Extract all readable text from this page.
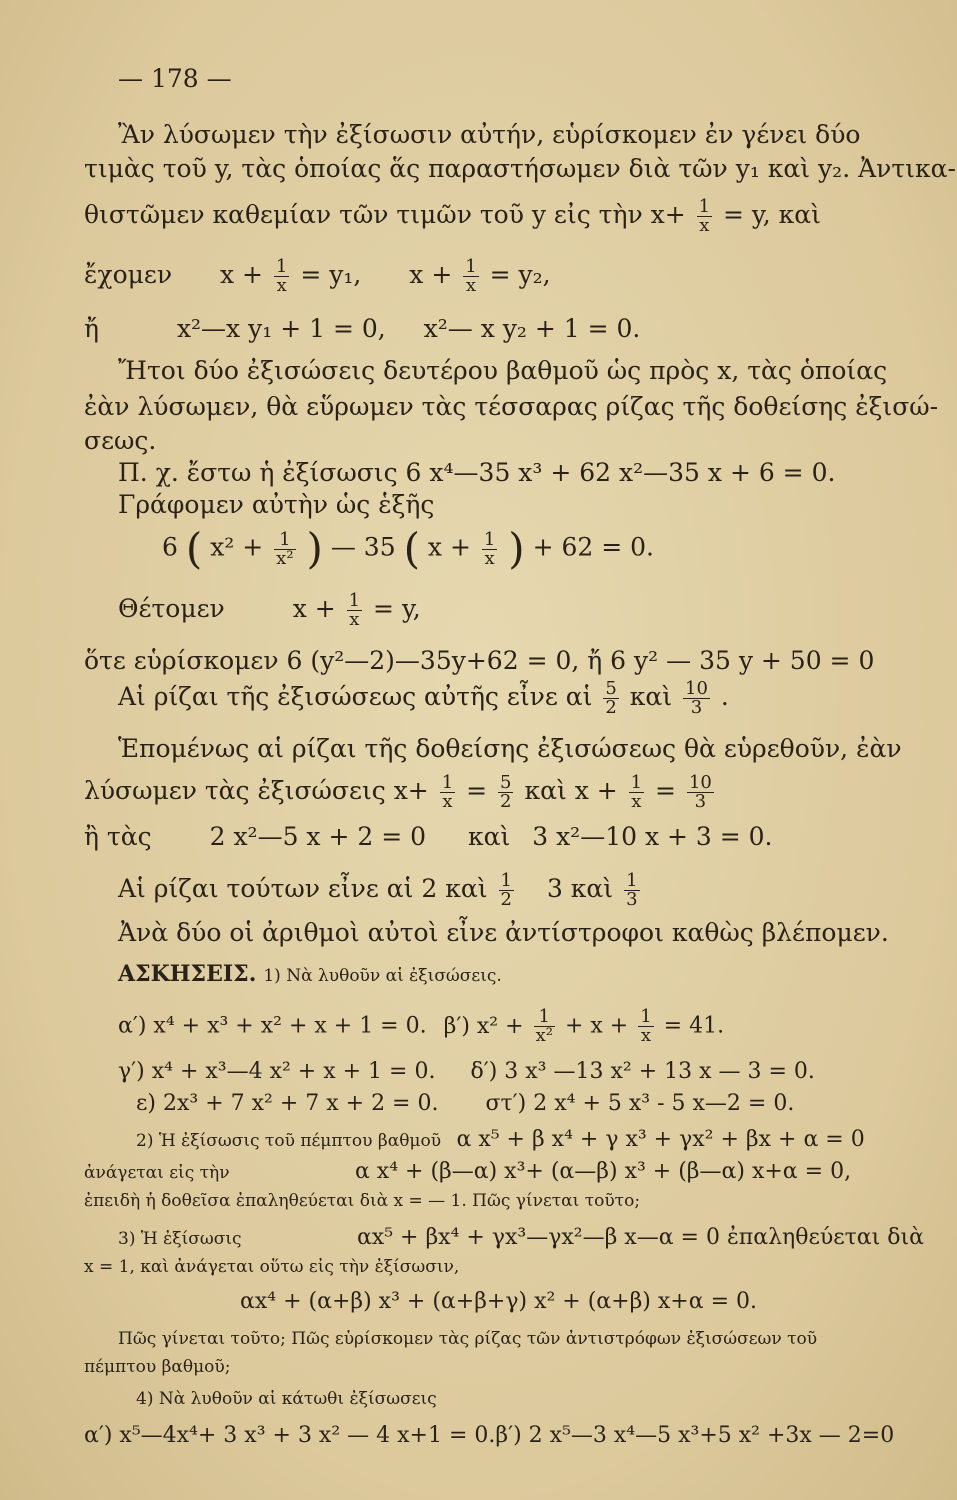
— 178 —
Ἂν λύσωμεν τὴν ἐξίσωσιν αὐτήν, εὑρίσκομεν ἐν γένει δύο
τιμὰς τοῦ y, τὰς ὁποίας ἅς παραστήσωμεν διὰ τῶν y₁ καὶ y₂. Ἀντικα-
θιστῶμεν καθεμίαν τῶν τιμῶν τοῦ y εἰς τὴν $x+ \frac{1}{x} = y$, καὶ
ἔχομεν $x + \frac{1}{x} = y_1$, $x + \frac{1}{x} = y_2$,
ἤ	x²—x y₁ + 1 = 0, x²— x y₂ + 1 = 0.
Ἤτοι δύο ἐξισώσεις δευτέρου βαθμοῦ ὡς πρὸς x, τὰς ὁποίας
ἐὰν λύσωμεν, θὰ εὕρωμεν τὰς τέσσαρας ρίζας τῆς δοθείσης ἐξισώ-
σεως.
Π. χ. ἔστω ἡ ἐξίσωσις 6 x⁴—35 x³ + 62 x²—35 x + 6 = 0.
Γράφομεν αὐτὴν ὡς ἑξῆς
6 ( $x^2 + \frac{1}{\text{x²}}$ ) — 35 ( $x + \frac{1}{x}$ ) + 62 = 0.
Θέτομεν	$x + \frac{1}{x} = y$,
ὅτε εὑρίσκομεν 6 (y²—2)—35y+62 = 0, ἤ 6 y² — 35 y + 50 = 0
Αἱ ρίζαι τῆς ἐξισώσεως αὐτῆς εἶνε αἱ $\frac{5}{2}$ καὶ $\frac{10}{3}$ .
Ἑπομένως αἱ ρίζαι τῆς δοθείσης ἐξισώσεως θὰ εὑρεθοῦν, ἐὰν
λύσωμεν τὰς ἐξισώσεις $x+ \frac{1}{x} = \frac{5}{2}$ καὶ $x + \frac{1}{x} = \frac{10}{3}$
ἢ τὰς 2 x²—5 x + 2 = 0 καὶ 3 x²—10 x + 3 = 0.
Αἱ ρίζαι τούτων εἶνε αἱ 2 καὶ $\frac{1}{2} 3$ καὶ $\frac{1}{3}$
Ἀνὰ δύο οἱ ἀριθμοὶ αὐτοὶ εἶνε ἀντίστροφοι καθὼς βλέπομεν.
ΑΣΚΗΣΕΙΣ. 1) Νὰ λυθοῦν αἱ ἐξισώσεις.
α′) x⁴ + x³ + x² + x + 1 = 0. β′) $x^2 + \frac{1}{\text{x²}} + x + \frac{1}{x} = 41$.
γ′) x⁴ + x³—4 x² + x + 1 = 0. δ′) 3 x³ —13 x² + 13 x — 3 = 0.
ε) 2x³ + 7 x² + 7 x + 2 = 0. στ′) 2 x⁴ + 5 x³ - 5 x—2 = 0.
2) Ἡ ἐξίσωσις τοῦ πέμπτου βαθμοῦ α x⁵ + β x⁴ + γ x³ + γx² + βx + α = 0
ἀνάγεται εἰς τὴν	α x⁴ + (β—α) x³+ (α—β) x³ + (β—α) x+α = 0,
ἐπειδὴ ἡ δοθεῖσα ἐπαληθεύεται διὰ x = — 1. Πῶς γίνεται τοῦτο;
3) Ἡ ἐξίσωσις	αx⁵ + βx⁴ + γx³—γx²—β x—α = 0 ἐπαληθεύεται διὰ
x = 1, καὶ ἀνάγεται οὕτω εἰς τὴν ἐξίσωσιν,
αx⁴ + (α+β) x³ + (α+β+γ) x² + (α+β) x+α = 0.
Πῶς γίνεται τοῦτο; Πῶς εὑρίσκομεν τὰς ρίζας τῶν ἀντιστρόφων ἐξισώσεων τοῦ
πέμπτου βαθμοῦ;
4) Νὰ λυθοῦν αἱ κάτωθι ἐξίσωσεις
α′) x⁵—4x⁴+ 3 x³ + 3 x² — 4 x+1 = 0.β′) 2 x⁵—3 x⁴—5 x³+5 x² +3x — 2=0
